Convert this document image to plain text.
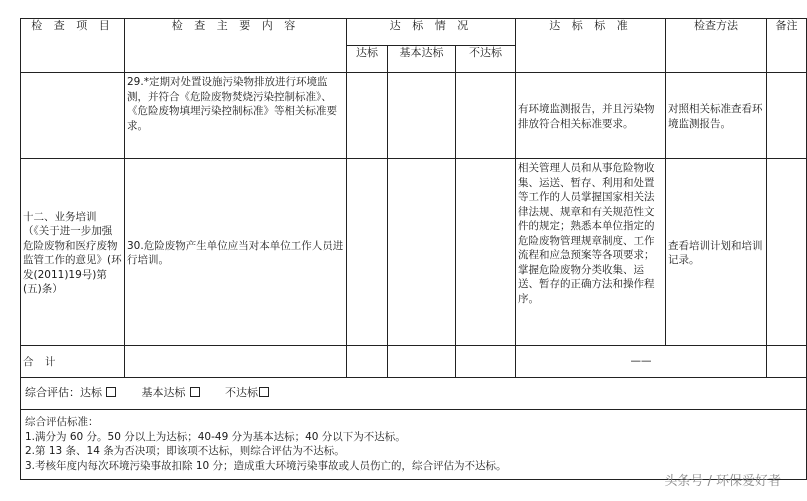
检 查 项 目	检 查 主 要 内 容	达 标 情 况			达 标 标 准	检查方法	备注
		达标	基本达标	不达标			
	29.*定期对处置设施污染物排放进行环境监测，并符合《危险废物焚烧污染控制标准》、《危险废物填埋污染控制标准》等相关标准要求。				有环境监测报告，并且污染物排放符合相关标准要求。	对照相关标准查看环境监测报告。	
十二、业务培训（《关于进一步加强危险废物和医疗废物监管工作的意见》(环发(2011)19号)第(五)条）	30.危险废物产生单位应当对本单位工作人员进行培训。				相关管理人员和从事危险物收集、运送、暂存、利用和处置等工作的人员掌握国家相关法律法规、规章和有关规范性文件的规定；熟悉本单位指定的危险废物管理规章制度、工作流程和应急预案等各项要求；掌握危险废物分类收集、运送、暂存的正确方法和操作程序。	查看培训计划和培训记录。	
合 计					——		
综合评估：达标 基本达标 不达标							

综合评估标准：
1.满分为 60 分。50 分以上为达标；40-49 分为基本达标；40 分以下为不达标。
2.第 13 条、14 条为否决项；即该项不达标，则综合评估为不达标。
3.考核年度内每次环境污染事故扣除 10 分；造成重大环境污染事故或人员伤亡的，综合评估为不达标。							
头条号 / 环保爱好者
